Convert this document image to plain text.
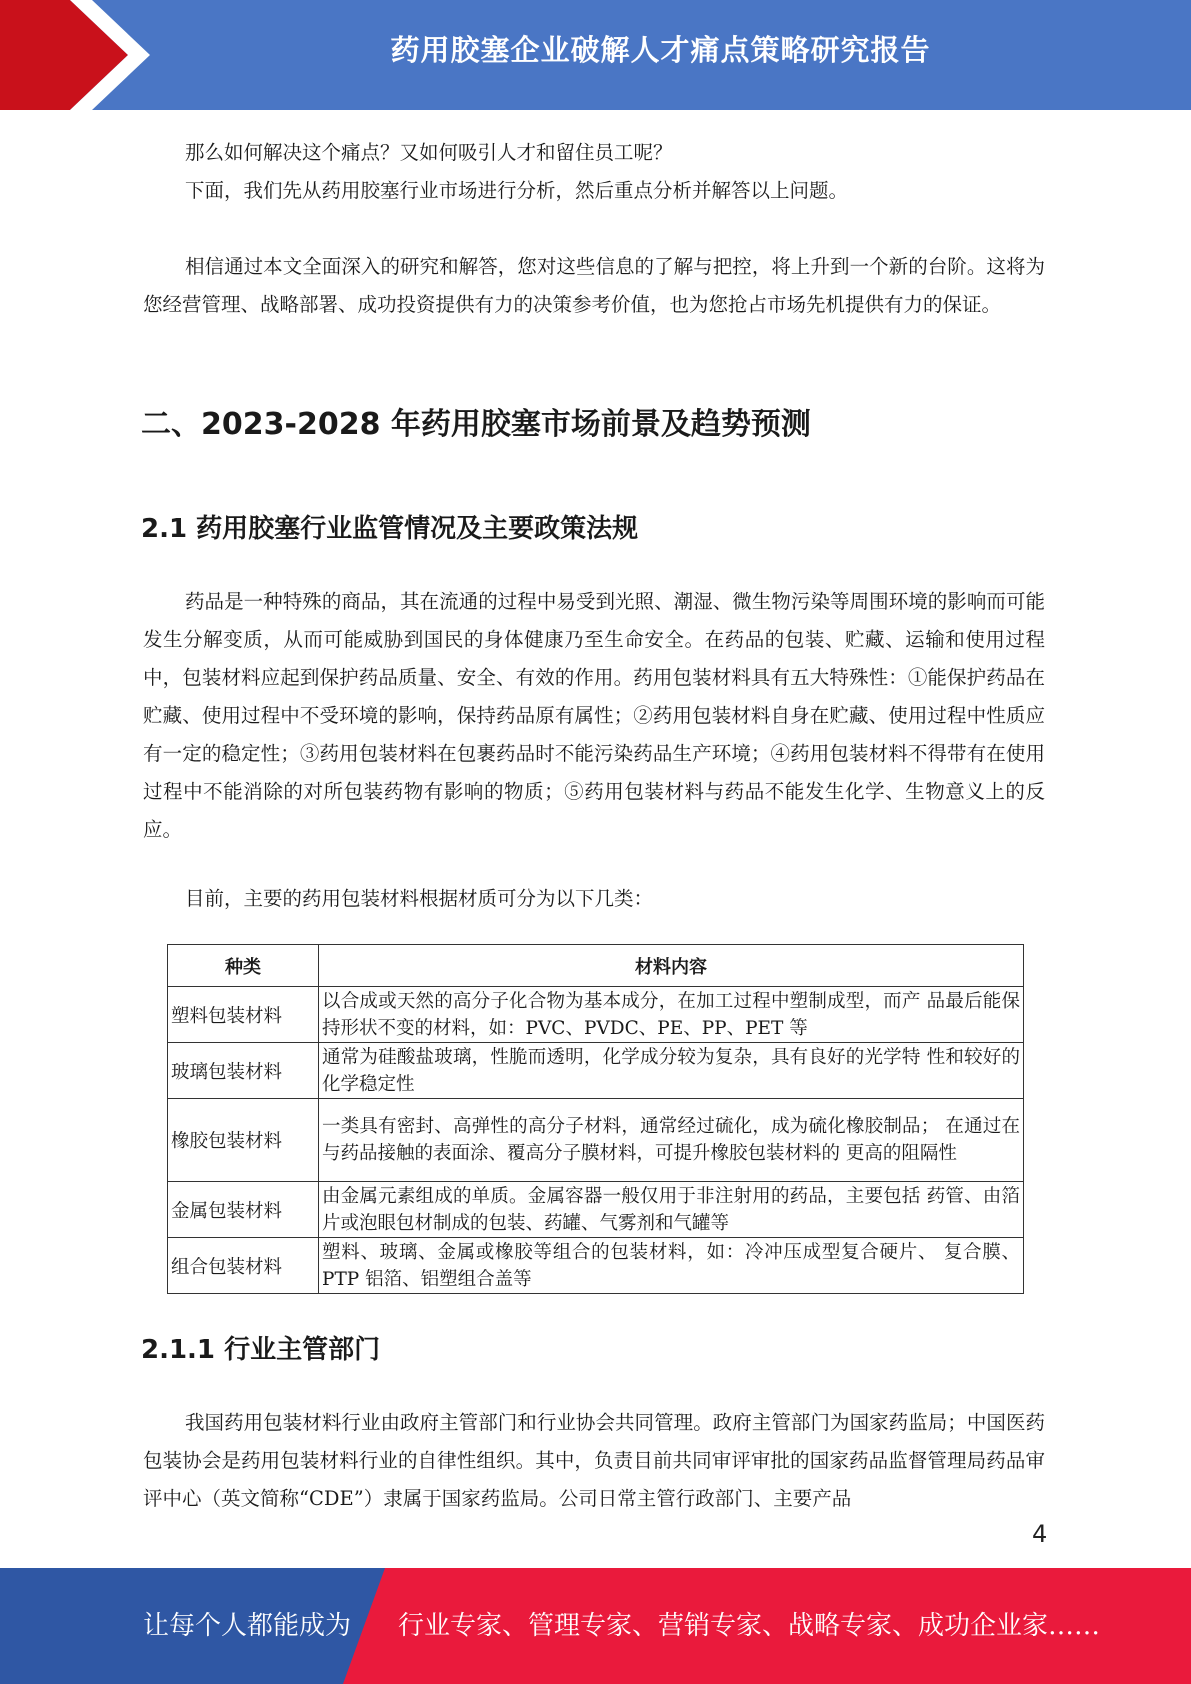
药用胶塞企业破解人才痛点策略研究报告

那么如何解决这个痛点？又如何吸引人才和留住员工呢？

下面，我们先从药用胶塞行业市场进行分析，然后重点分析并解答以上问题。

相信通过本文全面深入的研究和解答，您对这些信息的了解与把控，将上升到一个新的台阶。这将为您经营管理、战略部署、成功投资提供有力的决策参考价值，也为您抢占市场先机提供有力的保证。

二、2023-2028 年药用胶塞市场前景及趋势预测
2.1 药用胶塞行业监管情况及主要政策法规

药品是一种特殊的商品，其在流通的过程中易受到光照、潮湿、微生物污染等周围环境的影响而可能发生分解变质，从而可能威胁到国民的身体健康乃至生命安全。在药品的包装、贮藏、运输和使用过程中，包装材料应起到保护药品质量、安全、有效的作用。药用包装材料具有五大特殊性：①能保护药品在贮藏、使用过程中不受环境的影响，保持药品原有属性；②药用包装材料自身在贮藏、使用过程中性质应有一定的稳定性；③药用包装材料在包裹药品时不能污染药品生产环境；④药用包装材料不得带有在使用过程中不能消除的对所包装药物有影响的物质；⑤药用包装材料与药品不能发生化学、生物意义上的反应。

目前，主要的药用包装材料根据材质可分为以下几类：

种类	材料内容
塑料包装材料	以合成或天然的高分子化合物为基本成分，在加工过程中塑制成型，而产 品最后能保持形状不变的材料，如：PVC、PVDC、PE、PP、PET 等
玻璃包装材料	通常为硅酸盐玻璃，性脆而透明，化学成分较为复杂，具有良好的光学特 性和较好的化学稳定性
橡胶包装材料	一类具有密封、高弹性的高分子材料，通常经过硫化，成为硫化橡胶制品； 在通过在与药品接触的表面涂、覆高分子膜材料，可提升橡胶包装材料的 更高的阻隔性
金属包装材料	由金属元素组成的单质。金属容器一般仅用于非注射用的药品，主要包括 药管、由箔片或泡眼包材制成的包装、药罐、气雾剂和气罐等
组合包装材料	塑料、玻璃、金属或橡胶等组合的包装材料，如：冷冲压成型复合硬片、 复合膜、PTP 铝箔、铝塑组合盖等
2.1.1 行业主管部门

我国药用包装材料行业由政府主管部门和行业协会共同管理。政府主管部门为国家药监局；中国医药包装协会是药用包装材料行业的自律性组织。其中，负责目前共同审评审批的国家药品监督管理局药品审评中心（英文简称“CDE”）隶属于国家药监局。公司日常主管行政部门、主要产品

4
让每个人都能成为 行业专家、管理专家、营销专家、战略专家、成功企业家……
